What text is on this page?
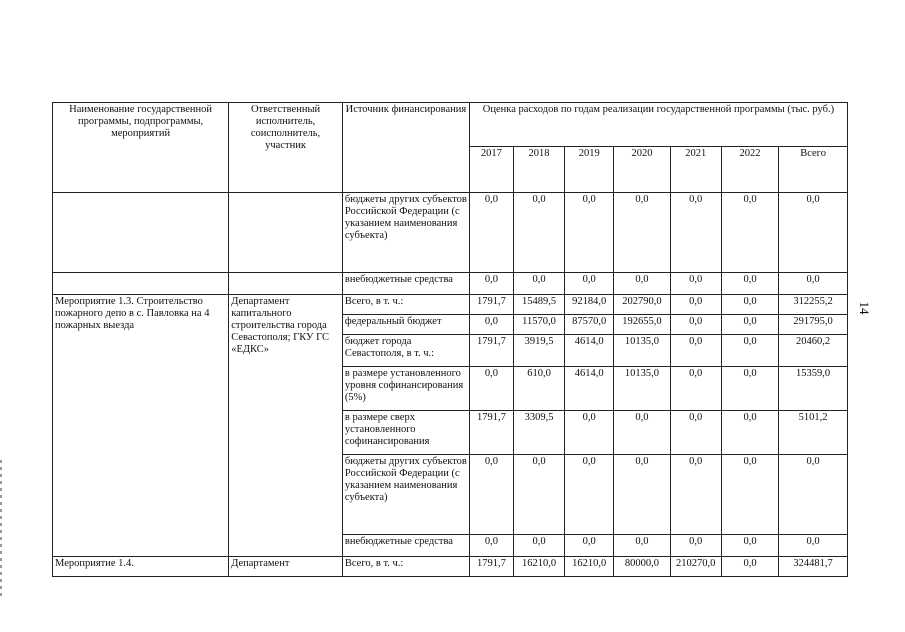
Наименование государственной программы, подпрограммы, мероприятий	Ответственный исполнитель, соисполнитель, участник	Источник финансирования	Оценка расходов по годам реализации государственной программы (тыс. руб.)						
			2017	2018	2019	2020	2021	2022	Всего
		бюджеты других субъектов Российской Федерации (с указанием наименования субъекта)	0,0	0,0	0,0	0,0	0,0	0,0	0,0
		внебюджетные средства	0,0	0,0	0,0	0,0	0,0	0,0	0,0
Мероприятие 1.3. Строительство пожарного депо в с. Павловка на 4 пожарных выезда	Департамент капитального строительства города Севастополя; ГКУ ГС «ЕДКС»	Всего, в т. ч.:	1791,7	15489,5	92184,0	202790,0	0,0	0,0	312255,2
		федеральный бюджет	0,0	11570,0	87570,0	192655,0	0,0	0,0	291795,0
		бюджет города Севастополя, в т. ч.:	1791,7	3919,5	4614,0	10135,0	0,0	0,0	20460,2
		в размере установленного уровня софинансирования (5%)	0,0	610,0	4614,0	10135,0	0,0	0,0	15359,0
		в размере сверх установленного софинансирования	1791,7	3309,5	0,0	0,0	0,0	0,0	5101,2
		бюджеты других субъектов Российской Федерации (с указанием наименования субъекта)	0,0	0,0	0,0	0,0	0,0	0,0	0,0
		внебюджетные средства	0,0	0,0	0,0	0,0	0,0	0,0	0,0
Мероприятие 1.4.	Департамент	Всего, в т. ч.:	1791,7	16210,0	16210,0	80000,0	210270,0	0,0	324481,7
14
